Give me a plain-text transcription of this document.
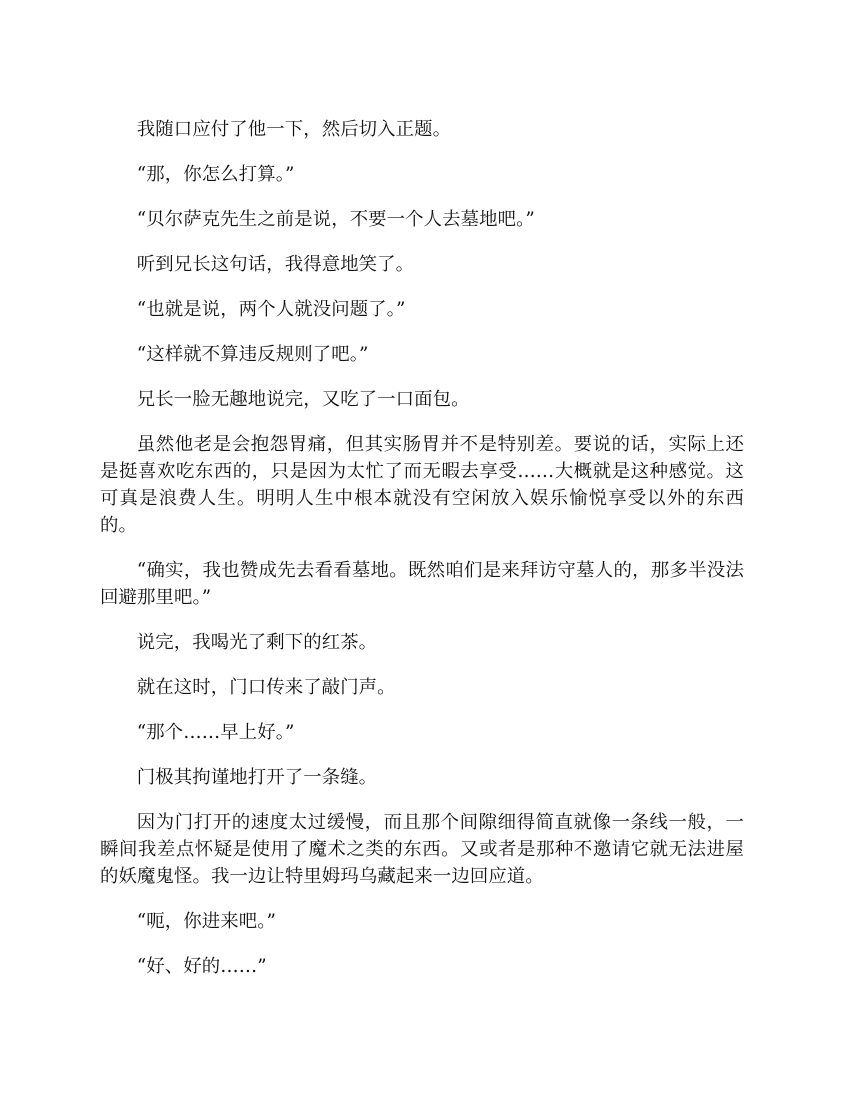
我随口应付了他一下，然后切入正题。

“那，你怎么打算。”

“贝尔萨克先生之前是说，不要一个人去墓地吧。”

听到兄长这句话，我得意地笑了。

“也就是说，两个人就没问题了。”

“这样就不算违反规则了吧。”

兄长一脸无趣地说完，又吃了一口面包。

虽然他老是会抱怨胃痛，但其实肠胃并不是特别差。要说的话，实际上还是挺喜欢吃东西的，只是因为太忙了而无暇去享受……大概就是这种感觉。这可真是浪费人生。明明人生中根本就没有空闲放入娱乐愉悦享受以外的东西的。

“确实，我也赞成先去看看墓地。既然咱们是来拜访守墓人的，那多半没法回避那里吧。”

说完，我喝光了剩下的红茶。

就在这时，门口传来了敲门声。

“那个……早上好。”

门极其拘谨地打开了一条缝。

因为门打开的速度太过缓慢，而且那个间隙细得简直就像一条线一般，一瞬间我差点怀疑是使用了魔术之类的东西。又或者是那种不邀请它就无法进屋的妖魔鬼怪。我一边让特里姆玛乌藏起来一边回应道。

“呃，你进来吧。”

“好、好的……”
